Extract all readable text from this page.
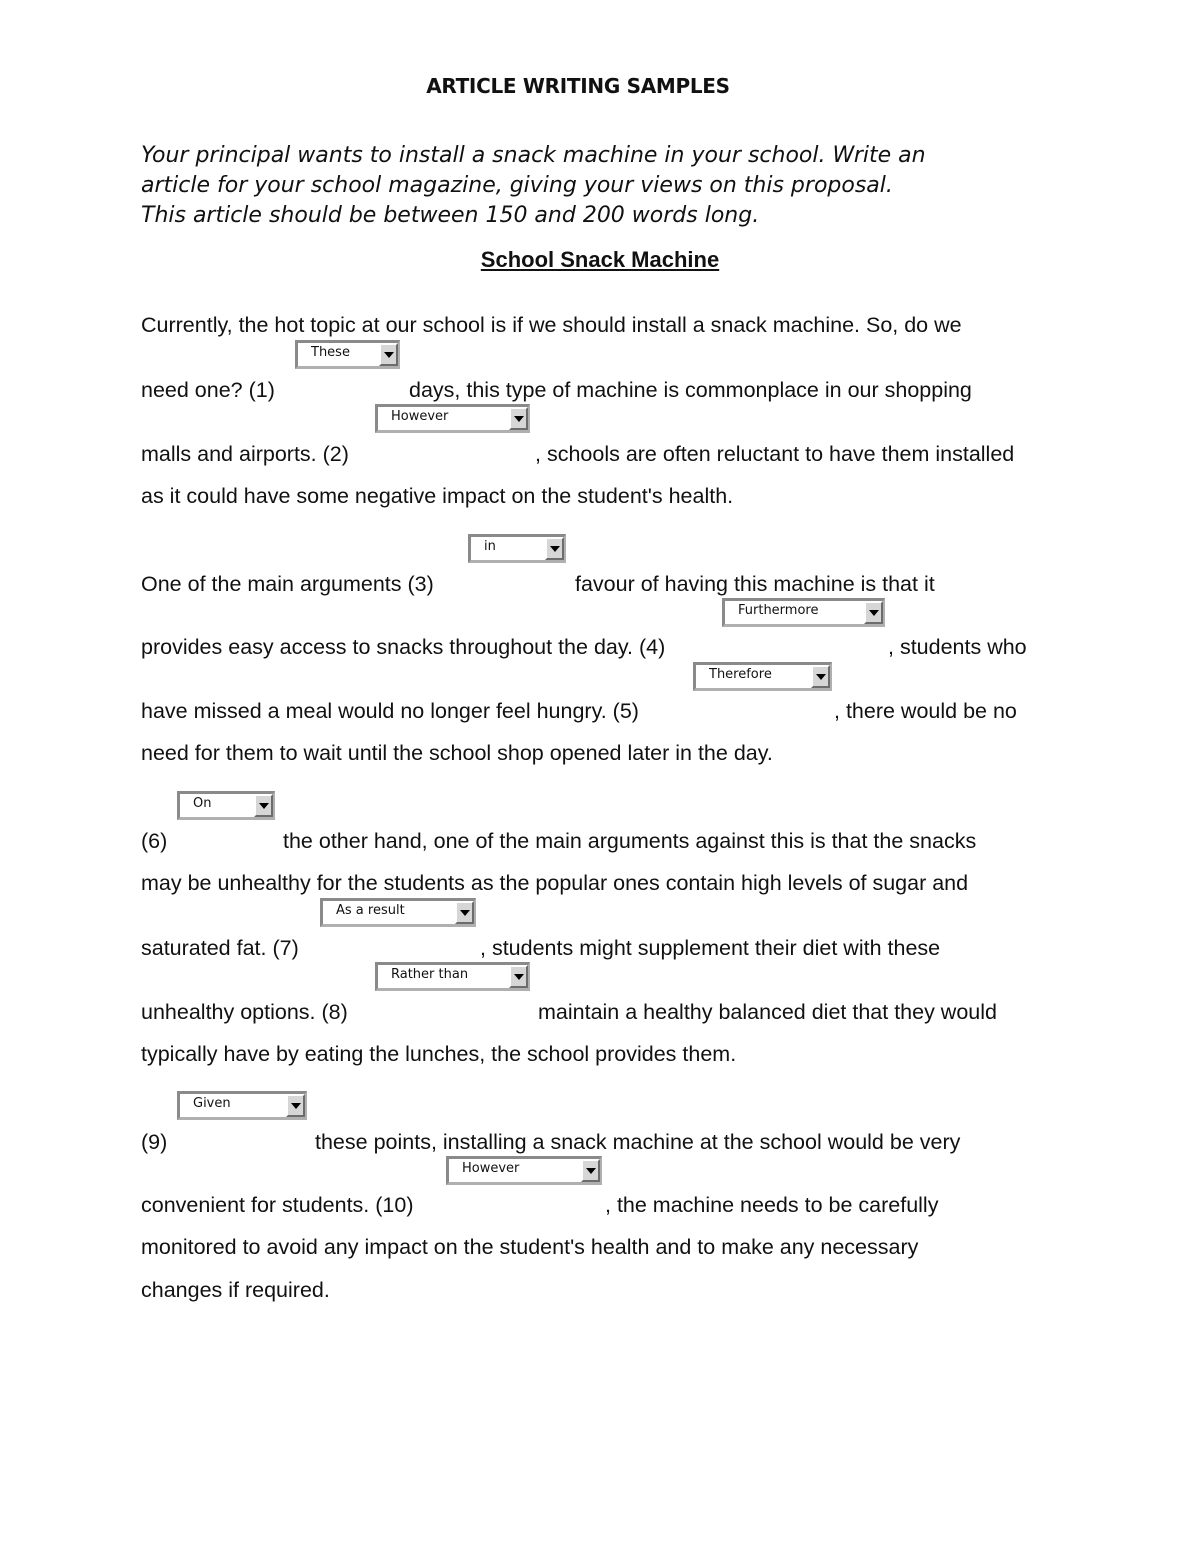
ARTICLE WRITING SAMPLES
Your principal wants to install a snack machine in your school. Write an
article for your school magazine, giving your views on this proposal.
This article should be between 150 and 200 words long.
School Snack Machine
Currently, the hot topic at our school is if we should install a snack machine. So, do we
need one? (1)	days, this type of machine is commonplace in our shopping
malls and airports. (2)	, schools are often reluctant to have them installed
as it could have some negative impact on the student's health.
One of the main arguments (3)	favour of having this machine is that it
provides easy access to snacks throughout the day. (4)	, students who
have missed a meal would no longer feel hungry. (5)	, there would be no
need for them to wait until the school shop opened later in the day.
(6)	the other hand, one of the main arguments against this is that the snacks
may be unhealthy for the students as the popular ones contain high levels of sugar and
saturated fat. (7)	, students might supplement their diet with these
unhealthy options. (8)	maintain a healthy balanced diet that they would
typically have by eating the lunches, the school provides them.
(9)	these points, installing a snack machine at the school would be very
convenient for students. (10)	, the machine needs to be carefully
monitored to avoid any impact on the student's health and to make any necessary
changes if required.
These
However
in
Furthermore
Therefore
On
As a result
Rather than
Given
However
